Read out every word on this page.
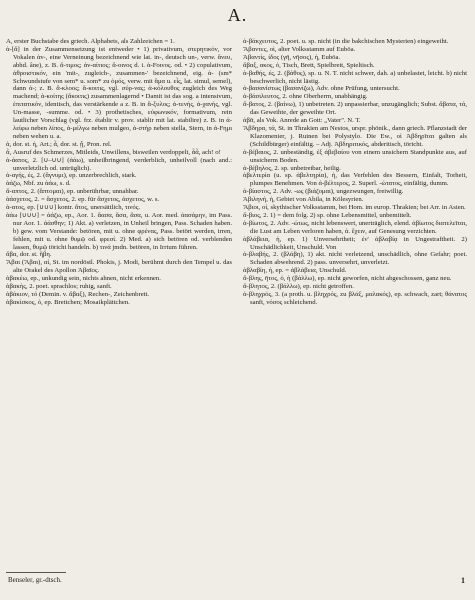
A.

A, erster Buchstabe des griech. Alphabets, als Zahlzeichen = 1.

ἀ-[ἄ] in der Zusammensetzung ist entweder • 1) privativum, στερητικόν, vor Vokalen ἀν-, eine Verneinung bezeichnend wie lat. in-, deutsch un-, verw. ἄνευ, abhd. âne), z. B. ἄ-τιμος; ἀν-αίτιος; ἄ-οινος d. i. ἀ-Fοινος. od. • 2) copulativum, ἀθροιστικόν, ein 'mit-, zugleich-, zusammen-' bezeichnend, eig. ἀ- (sm* Schwundstufe von sem* u. som* zu ὁμός, verw. mit ἅμα u. εἷς, lat. simul, semel), dann ἀ-; z. B. ἄ-κλοος; ἄ-κοιτις, vgl. σύρ-νας; ἀ-κόλουθος zugleich des Weg machend; ἀ-κοίτης (ἄκοιτις) zusammenlagernd • Damit ist das sog. a intensivum, ἐπιτατικόν, identisch, das verstärkende a z. B. in ἄ-ξυλος; ἀ-τενής, ἀ-χανής, vgl. Un-masse, -summe. od. • 3) prothetisches, εὐφωνικόν, formativum, rein lautlicher Vorschlag (vgl. frz. établir v. prov. stablir mit lat. stabilire) z. B. in ἀ-λείφω neben λίπος, ἀ-μέλγω neben mulgeo, ἀ-στήρ neben stella, Stern, in ἀ-Fημι neben wehen u. a.

ἁ, dor. st. ἡ, Art.; ἇ, dor. st. ᾗ, Pron. rel.

ἆ, Ausruf des Schmerzes, Mitleids, Unwillens, bisweilen verdoppelt, ἆἆ, ach! o!

ἀ-άατος, 2. [∪–∪∪] (ἀάω), unheilbringend, verderblich, unheilvoll (nach and.: unverletzlich od. untrüglich).

ἀ-αγής, ές, 2. (ἄγνυμι), ep. unzerbrechlich, stark.

ἀάζω, Nbf. zu ἀάω, s. d.

ἄ-απτος, 2. (ἅπτομαι), ep. unberührbar, unnahbar.

ἀάσχετος, 2. = ἄσχετος, 2. ep. für ἄσχετος, ἀσχετος, w. s.

ἀ-ατος, ep. [∪∪∪] kontr. ἄτος, unersättlich, τινός.

ἀάω [∪∪∪] = ἀάζω, ep., Aor. 1. ἄασα, ἄσα, ἄσα, u. Aor. med. ἀασάμην, im Pass. nur Aor. 1. ἀάσθην; 1) Akt. a) verletzen, in Unheil bringen, Pass. Schaden haben. b) gew. vom Verstande: betören, mit u. ohne φρένας, Pass. betört werden, irren, fehlen, mit u. ohne θυμῷ od. φρεσί. 2) Med. a) sich betören od. verblenden lassen, θυμῷ töricht handeln. b) τινά jmdn. betören, in Irrtum führen.

ἄβα, dor. st. ἥβη.

Ἄβαι (Ἄβαι), αἱ, St. im nordöstl. Phokis, j. Modi, berühmt durch den Tempel u. das alte Orakel des Apollon Ἀβαῖος.

ἀβακέω, ep., unkundig sein, nichts ahnen, nicht erkennen.

ἀβακής, 2. poet. sprachlos; ruhig, sanft.

ἀβάκιον, τό (Demin. v. ἄβαξ), Rechen-, Zeichenbrett.

ἀβακίσκος, ὁ, ep. Brettchen; Mosaikplättchen.

ἀ-βάκχευτος, 2. poet. u. sp. nicht (in die bakchischen Mysterien) eingeweiht.

Ἄβαντες, οἱ, alter Volksstamm auf Euböa.

Ἀβαντίς, ίδος (γῆ, νῆσος), ἡ, Euböa.

ἄβαξ, ακος, ὁ, Tisch, Brett, Spielbrett, Spieltisch.

ἀ-βαθής, ές, 2. (βάθος), sp. u. N. T. nicht schwer, dah. a) unbelastet, leicht. b) nicht beschwerlich, nicht lästig.

ἀ-βασανίστως (βασανίζω), Adv. ohne Prüfung, untersucht.

ἀ-βάσιλευτος, 2. ohne Oberherrn, unabhängig.

ἄ-βατος, 2. (βαίνω), 1) unbetreten. 2) unpassierbar, unzugänglich; Subst. ἄβατα, τά, das Geweihte, der geweihte Ort.

ἀβᾶ, als Vok. Anrede an Gott: „Vater". N. T.

Ἄβδηρα, τά, St. in Thrakien am Nestos, urspr. phönik., dann griech. Pflanzstadt der Klazomenier, j. Ruinen bei Polystylo. Die Ew., οἱ Ἀβδηρῖται galten als (Schildbürger) einfältig. – Adj. Ἀβδηριτικός, abderitisch, töricht.

ἀ-βέβαιος, 2. unbeständig, ἐξ ἀβεβαίου von einem unsichern Standpunkte aus, auf unsicherm Boden.

ἀ-βέβηλος, 2. sp. unbetretbar, heilig.

ἀβελτερία (u. sp. ἀβελτηρία), ἡ, das Verfehlen des Bessern, Einfalt, Torheit, plumpes Benehmen. Von ἀ-βέλτερος, 2. Superl. -ώτατος, einfältig, dumm.

ἀ-βίαστος, 2. Adv. -ως (βιάζομαι), ungezwungen, freiwillig.

Ἀβιληνή, ἡ, Gebiet von Abila, in Kölesyrien.

Ἄβιοι, οἱ, skythischer Volksstamm, bei Hom. im europ. Thrakien; bei Arr. in Asien.

ἄ-βιος, 2. 1) = dem folg. 2) sp. ohne Lebensmittel, unbemittelt.

ἀ-βίωτος, 2. Adv. -ώτως, nicht lebenswert, unerträglich, elend. ἀβίωτος διατελεῖται, die Lust am Leben verloren haben, ἀ. ἔχειν, auf Genesung verzichten.

ἀβλάβεια, ἡ, ep. 1) Unversehrtheit; ἐν' ἀβλαβίᾳ in Ungestraftheit. 2) Unschädlichkeit, Unschuld. Von

ἀ-βλαβής, 2. (βλάβη), 1) akt. nicht verletzend, unschädlich, ohne Gefahr; poet. Schaden abwehrend. 2) pass. unversehrt, unverletzt.

ἀβλαβίη, ἡ, ep. = ἀβλάβεια, Unschuld.

ἄ-βλης, ῆτος, ὁ, ἡ (βάλλω), ep. nicht geworfen, nicht abgeschossen, ganz neu.

ἄ-βλητος, 2. (βάλλω), ep. nicht getroffen.

ἀ-βληχρός, 3. (a proth. u. βληχρός, zu βλάξ, μαλακός), ep. schwach, zart; θάνατος sanft, νόσος schleichend.

Benseler, gr.-dtsch.	1
